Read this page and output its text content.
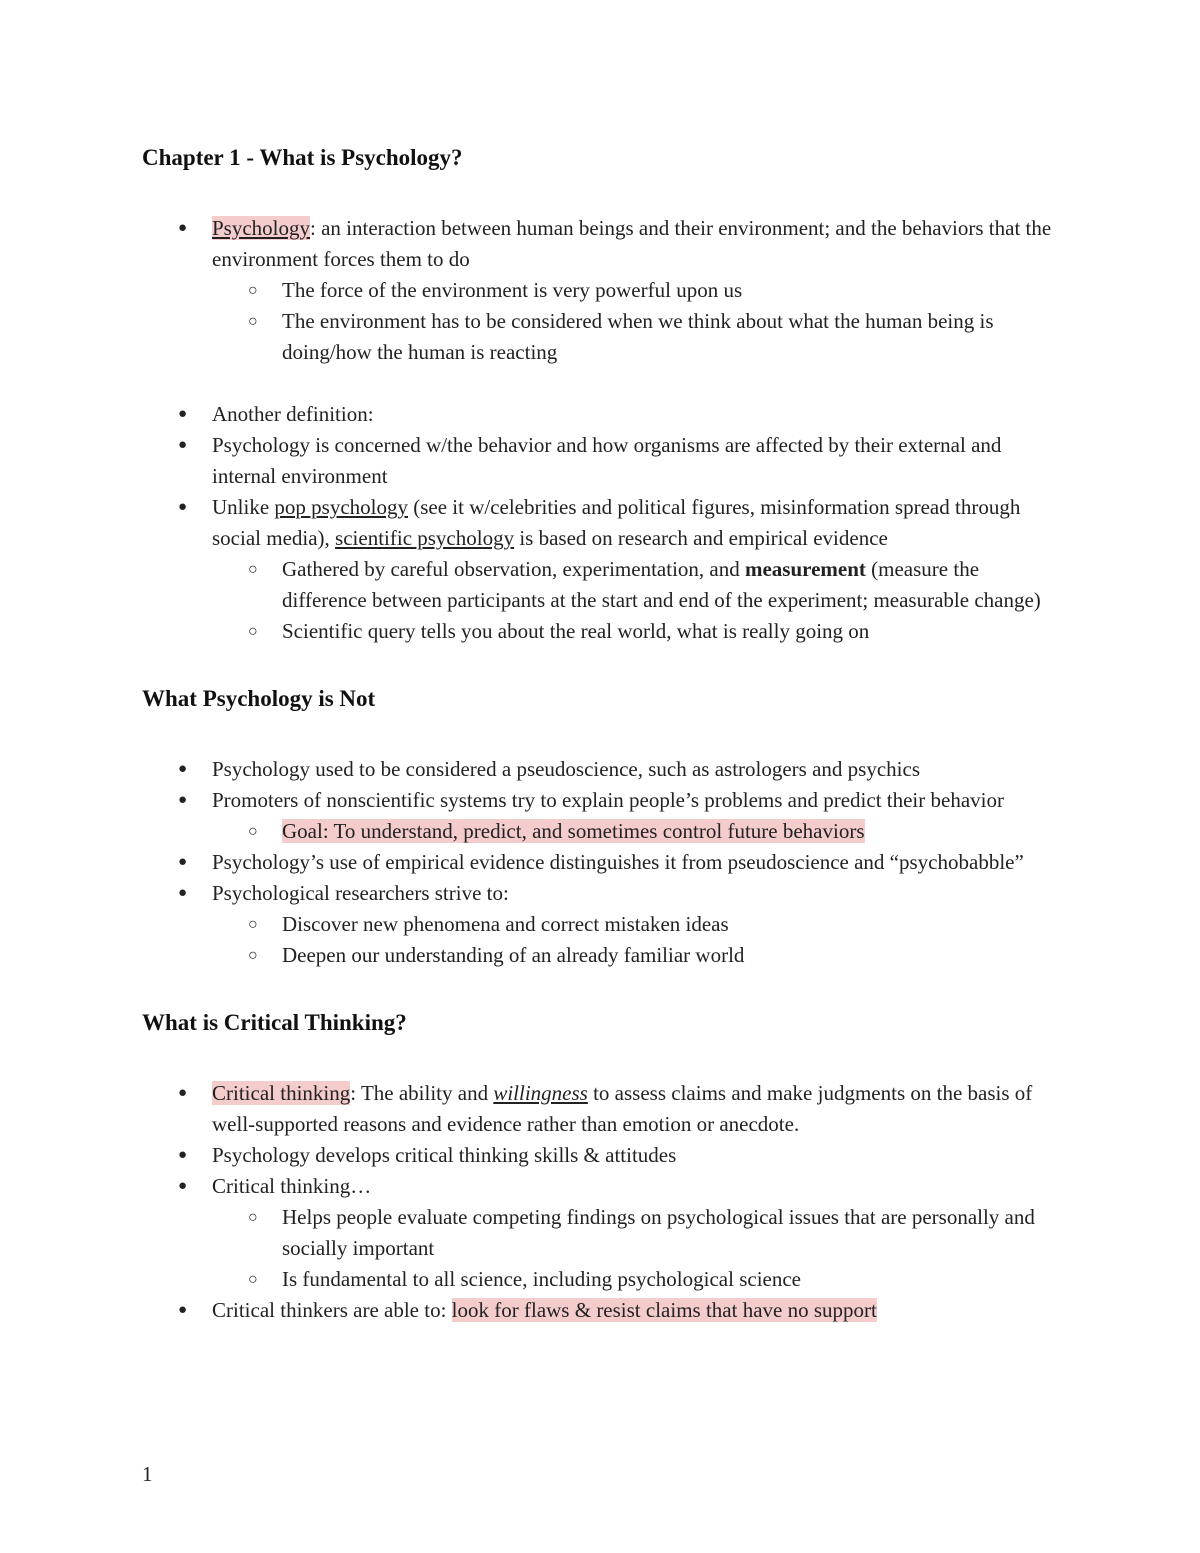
Chapter 1 - What is Psychology?
● Psychology: an interaction between human beings and their environment; and the behaviors that the environment forces them to do
○ The force of the environment is very powerful upon us
○ The environment has to be considered when we think about what the human being is doing/how the human is reacting
● Another definition:
● Psychology is concerned w/the behavior and how organisms are affected by their external and internal environment
● Unlike pop psychology (see it w/celebrities and political figures, misinformation spread through social media), scientific psychology is based on research and empirical evidence
○ Gathered by careful observation, experimentation, and measurement (measure the difference between participants at the start and end of the experiment; measurable change)
○ Scientific query tells you about the real world, what is really going on
What Psychology is Not
● Psychology used to be considered a pseudoscience, such as astrologers and psychics
● Promoters of nonscientific systems try to explain people’s problems and predict their behavior
○ Goal: To understand, predict, and sometimes control future behaviors
● Psychology’s use of empirical evidence distinguishes it from pseudoscience and “psychobabble”
● Psychological researchers strive to:
○ Discover new phenomena and correct mistaken ideas
○ Deepen our understanding of an already familiar world
What is Critical Thinking?
● Critical thinking: The ability and willingness to assess claims and make judgments on the basis of well-supported reasons and evidence rather than emotion or anecdote.
● Psychology develops critical thinking skills & attitudes
● Critical thinking…
○ Helps people evaluate competing findings on psychological issues that are personally and socially important
○ Is fundamental to all science, including psychological science
● Critical thinkers are able to: look for flaws & resist claims that have no support
1
